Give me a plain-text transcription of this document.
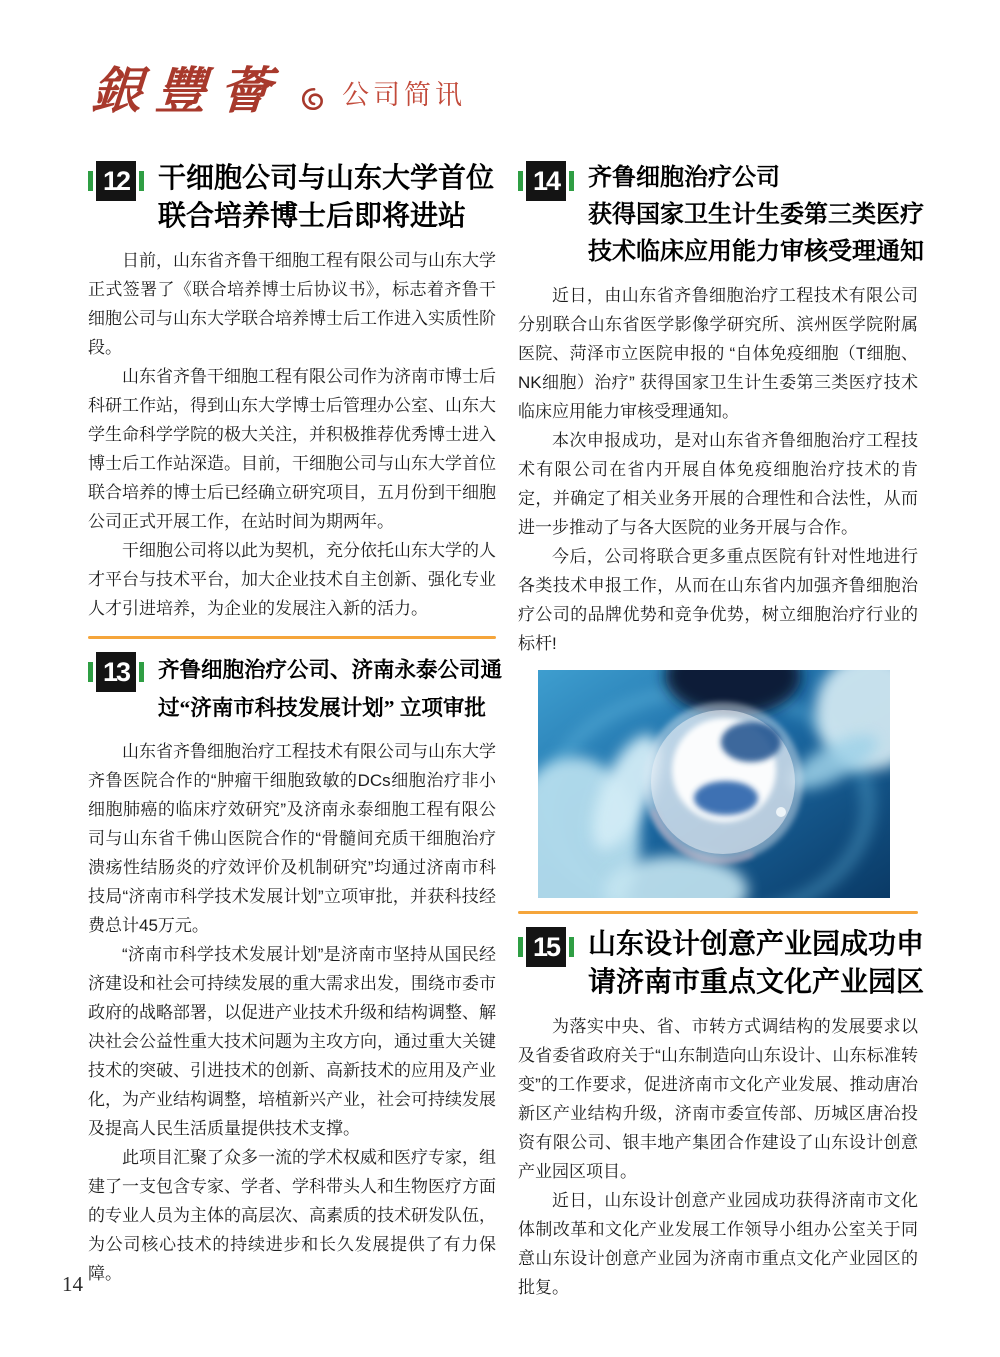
銀豐薈 公司简讯
12 干细胞公司与山东大学首位
联合培养博士后即将进站

日前，山东省齐鲁干细胞工程有限公司与山东大学正式签署了《联合培养博士后协议书》，标志着齐鲁干细胞公司与山东大学联合培养博士后工作进入实质性阶段。

山东省齐鲁干细胞工程有限公司作为济南市博士后科研工作站，得到山东大学博士后管理办公室、山东大学生命科学学院的极大关注，并积极推荐优秀博士进入博士后工作站深造。目前，干细胞公司与山东大学首位联合培养的博士后已经确立研究项目，五月份到干细胞公司正式开展工作，在站时间为期两年。

干细胞公司将以此为契机，充分依托山东大学的人才平台与技术平台，加大企业技术自主创新、强化专业人才引进培养，为企业的发展注入新的活力。

13	齐鲁细胞治疗公司、济南永泰公司通
过“济南市科技发展计划” 立项审批

山东省齐鲁细胞治疗工程技术有限公司与山东大学齐鲁医院合作的“肿瘤干细胞致敏的DCs细胞治疗非小细胞肺癌的临床疗效研究”及济南永泰细胞工程有限公司与山东省千佛山医院合作的“骨髓间充质干细胞治疗溃疡性结肠炎的疗效评价及机制研究”均通过济南市科技局“济南市科学技术发展计划”立项审批，并获科技经费总计45万元。

“济南市科学技术发展计划”是济南市坚持从国民经济建设和社会可持续发展的重大需求出发，围绕市委市政府的战略部署，以促进产业技术升级和结构调整、解决社会公益性重大技术问题为主攻方向，通过重大关键技术的突破、引进技术的创新、高新技术的应用及产业化，为产业结构调整，培植新兴产业，社会可持续发展及提高人民生活质量提供技术支撑。

此项目汇聚了众多一流的学术权威和医疗专家，组建了一支包含专家、学者、学科带头人和生物医疗方面的专业人员为主体的高层次、高素质的技术研发队伍，为公司核心技术的持续进步和长久发展提供了有力保障。

14 齐鲁细胞治疗公司
获得国家卫生计生委第三类医疗
技术临床应用能力审核受理通知

近日，由山东省齐鲁细胞治疗工程技术有限公司分别联合山东省医学影像学研究所、滨州医学院附属医院、菏泽市立医院申报的 “自体免疫细胞（T细胞、NK细胞）治疗” 获得国家卫生计生委第三类医疗技术临床应用能力审核受理通知。

本次申报成功，是对山东省齐鲁细胞治疗工程技术有限公司在省内开展自体免疫细胞治疗技术的肯定，并确定了相关业务开展的合理性和合法性，从而进一步推动了与各大医院的业务开展与合作。

今后，公司将联合更多重点医院有针对性地进行各类技术申报工作，从而在山东省内加强齐鲁细胞治疗公司的品牌优势和竞争优势，树立细胞治疗行业的标杆!

15 山东设计创意产业园成功申
请济南市重点文化产业园区

为落实中央、省、市转方式调结构的发展要求以及省委省政府关于“山东制造向山东设计、山东标准转变”的工作要求，促进济南市文化产业发展、推动唐冶新区产业结构升级，济南市委宣传部、历城区唐冶投资有限公司、银丰地产集团合作建设了山东设计创意产业园区项目。

近日，山东设计创意产业园成功获得济南市文化体制改革和文化产业发展工作领导小组办公室关于同意山东设计创意产业园为济南市重点文化产业园区的批复。

14
